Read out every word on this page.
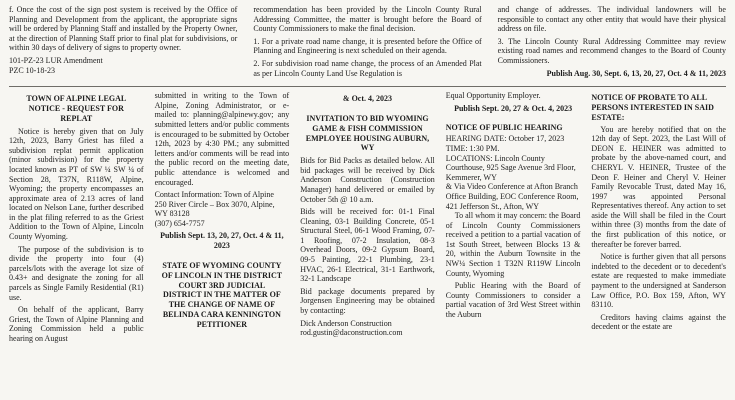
f. Once the cost of the sign post system is received by the Office of Planning and Development from the applicant, the appropriate signs will be ordered by Planning Staff and installed by the Property Owner, at the direction of Planning Staff prior to final plat for subdivisions, or within 30 days of delivery of signs to property owner.

101-PZ-23 LUR Amendment

PZC 10-18-23

recommendation has been provided by the Lincoln County Rural Addressing Committee, the matter is brought before the Board of County Commissioners to make the final decision.

1. For a private road name change, it is presented before the Office of Planning and Engineering is next scheduled on their agenda.

2. For subdivision road name change, the process of an Amended Plat as per Lincoln County Land Use Regulation is

and change of addresses. The individual landowners will be responsible to contact any other entity that would have their physical address on file.

3. The Lincoln County Rural Addressing Committee may review existing road names and recommend changes to the Board of County Commissioners.

Publish Aug. 30, Sept. 6, 13, 20, 27, Oct. 4 & 11, 2023

TOWN OF ALPINE LEGAL NOTICE - REQUEST FOR REPLAT

Notice is hereby given that on July 12th, 2023, Barry Griest has filed a subdivision replat permit application (minor subdivision) for the property located known as PT of SW ¼ SW ¼ of Section 28, T37N, R118W, Alpine, Wyoming; the property encompasses an approximate area of 2.13 acres of land located on Nelson Lane, further described in the plat filing referred to as the Griest Addition to the Town of Alpine, Lincoln County Wyoming.

The purpose of the subdivision is to divide the property into four (4) parcels/lots with the average lot size of 0.43+ and designate the zoning for all parcels as Single Family Residential (R1) use.

On behalf of the applicant, Barry Griest, the Town of Alpine Planning and Zoning Commission held a public hearing on August

submitted in writing to the Town of Alpine, Zoning Administrator, or e-mailed to: planning@alpinewy.gov; any submitted letters and/or public comments is encouraged to be submitted by October 12th, 2023 by 4:30 PM.; any submitted letters and/or comments will be read into the public record on the meeting date, public attendance is welcomed and encouraged.

Contact Information: Town of Alpine

250 River Circle – Box 3070, Alpine, WY 83128

(307) 654-7757

Publish Sept. 13, 20, 27, Oct. 4 & 11, 2023
STATE OF WYOMING COUNTY OF LINCOLN IN THE DISTRICT COURT 3RD JUDICIAL DISTRICT IN THE MATTER OF THE CHANGE OF NAME OF BELINDA CARA KENNINGTON PETITIONER
& Oct. 4, 2023
INVITATION TO BID WYOMING GAME & FISH COMMISSION EMPLOYEE HOUSING AUBURN, WY

Bids for Bid Packs as detailed below. All bid packages will be received by Dick Anderson Construction (Construction Manager) hand delivered or emailed by October 5th @ 10 a.m.

Bids will be received for: 01-1 Final Cleaning, 03-1 Building Concrete, 05-1 Structural Steel, 06-1 Wood Framing, 07-1 Roofing, 07-2 Insulation, 08-3 Overhead Doors, 09-2 Gypsum Board, 09-5 Painting, 22-1 Plumbing, 23-1 HVAC, 26-1 Electrical, 31-1 Earthwork, 32-1 Landscape

Bid package documents prepared by Jorgensen Engineering may be obtained by contacting:

Dick Anderson Construction

rod.gustin@daconstruction.com

Equal Opportunity Employer.

Publish Sept. 20, 27 & Oct. 4, 2023
NOTICE OF PUBLIC HEARING

HEARING DATE: October 17, 2023

TIME: 1:30 PM.

LOCATIONS: Lincoln County Courthouse, 925 Sage Avenue 3rd Floor, Kemmerer, WY

& Via Video Conference at Afton Branch Office Building, EOC Conference Room, 421 Jefferson St., Afton, WY

To all whom it may concern: the Board of Lincoln County Commissioners received a petition to a partial vacation of 1st South Street, between Blocks 13 & 20, within the Auburn Townsite in the NW¼ Section 1 T32N R119W Lincoln County, Wyoming

Public Hearing with the Board of County Commissioners to consider a partial vacation of 3rd West Street within the Auburn

NOTICE OF PROBATE TO ALL PERSONS INTERESTED IN SAID ESTATE:

You are hereby notified that on the 12th day of Sept. 2023, the Last Will of DEON E. HEINER was admitted to probate by the above-named court, and CHERYL V. HEINER, Trustee of the Deon F. Heiner and Cheryl V. Heiner Family Revocable Trust, dated May 16, 1997 was appointed Personal Representatives thereof. Any action to set aside the Will shall be filed in the Court within three (3) months from the date of the first publication of this notice, or thereafter be forever barred.

Notice is further given that all persons indebted to the decedent or to decedent's estate are requested to make immediate payment to the undersigned at Sanderson Law Office, P.O. Box 159, Afton, WY 83110.

Creditors having claims against the decedent or the estate are
